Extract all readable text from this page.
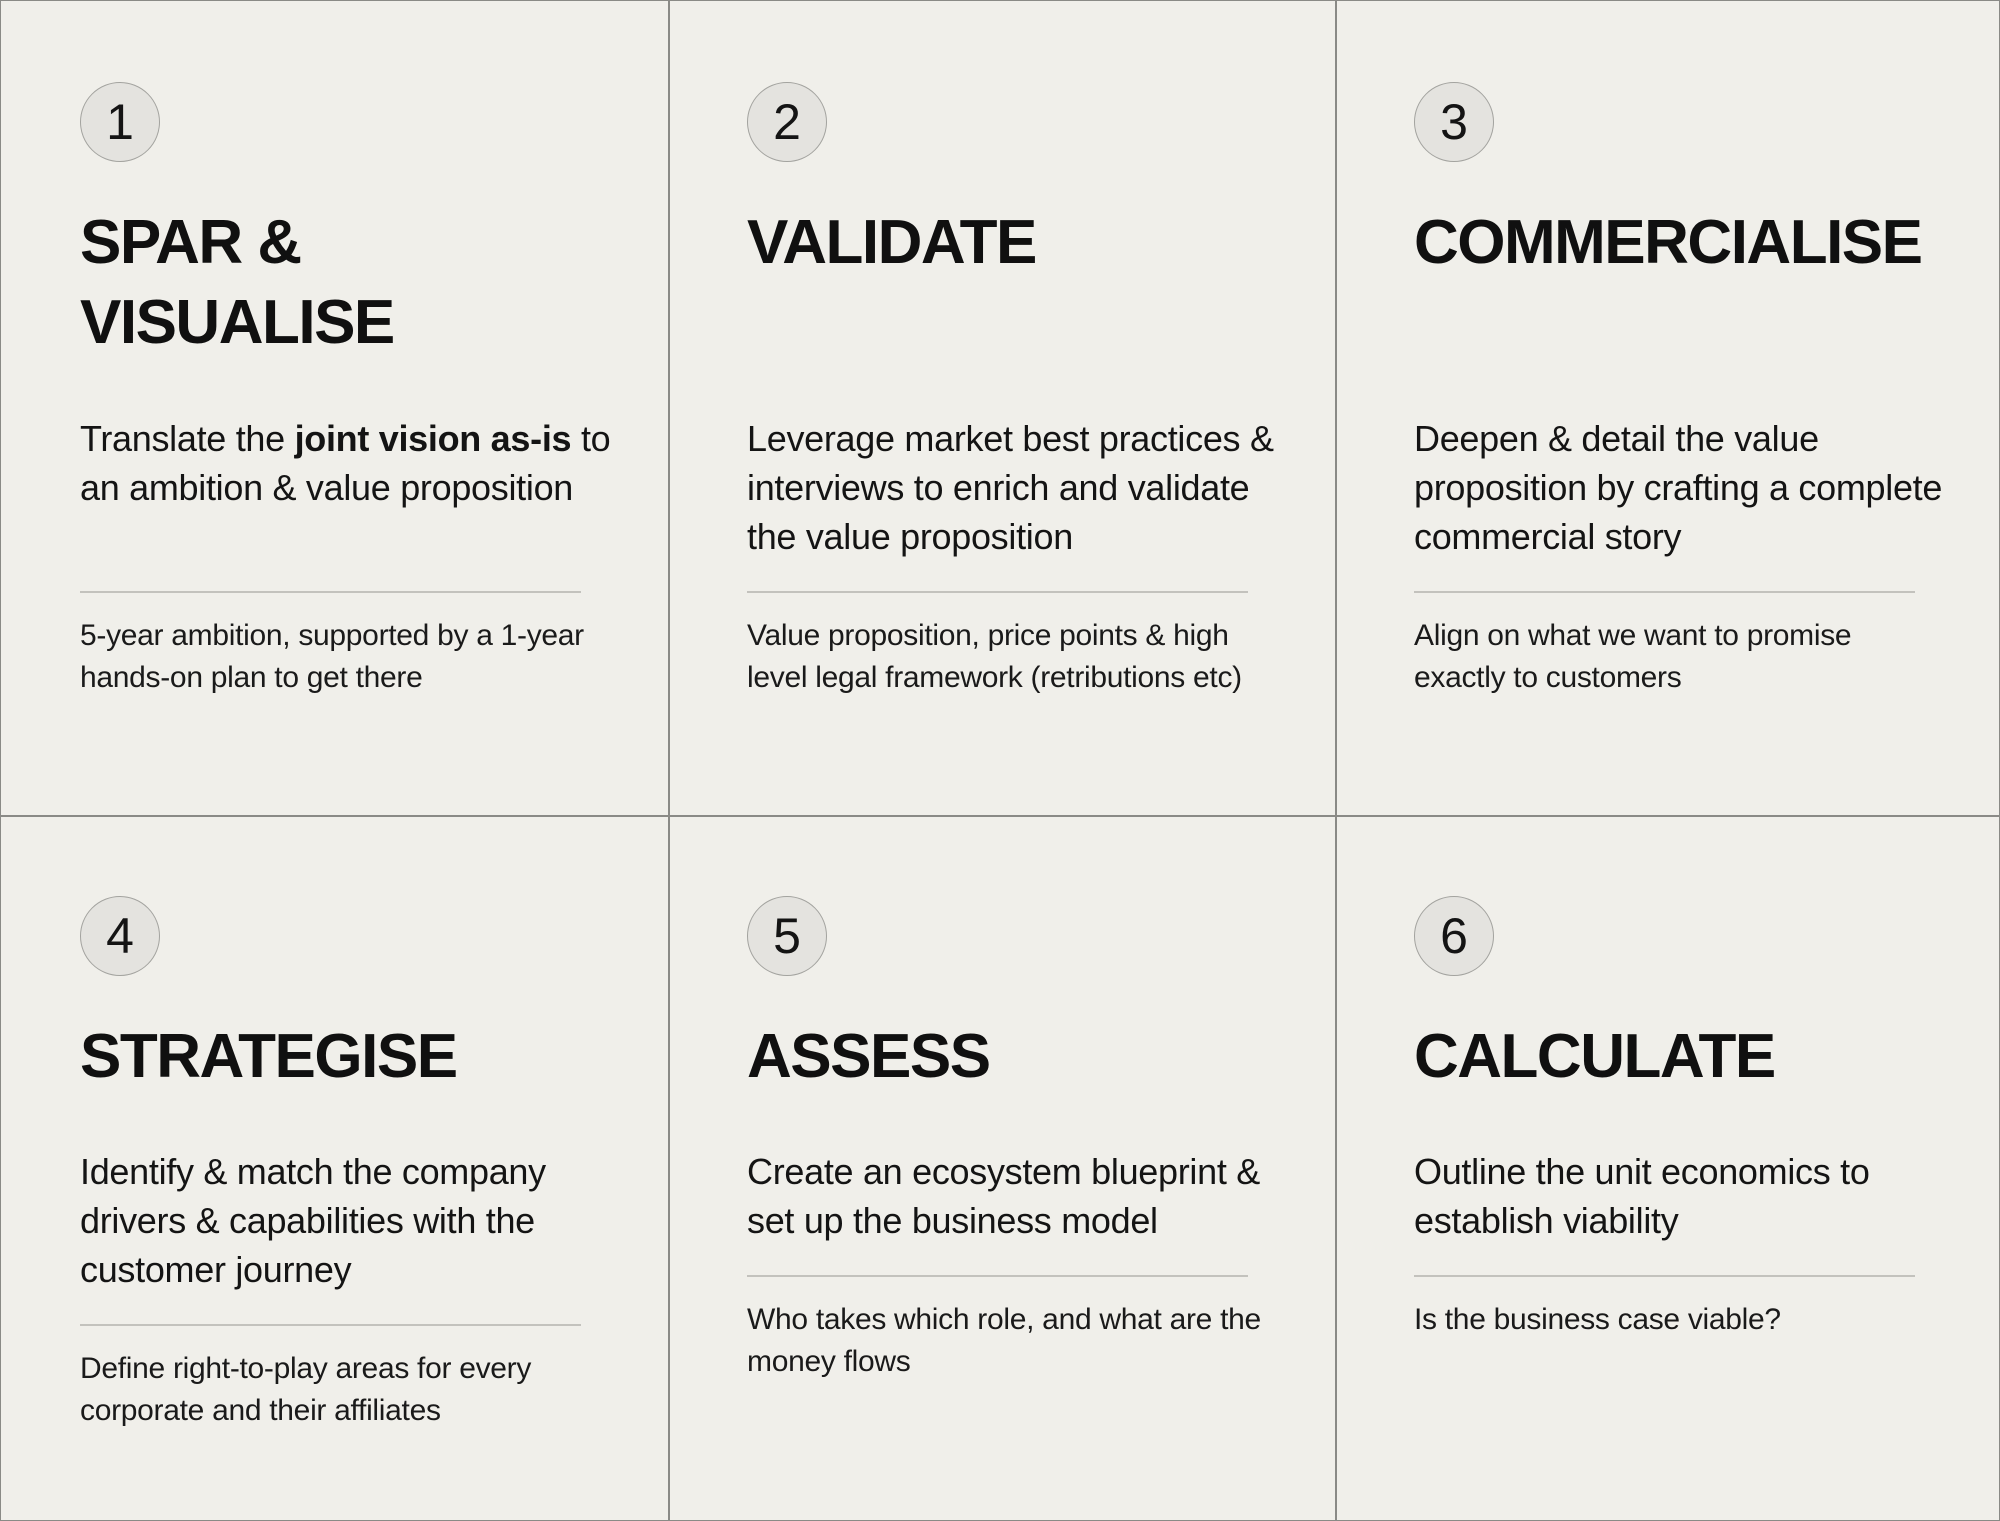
1
SPAR &
VISUALISE
Translate the joint vision as-is to an ambition & value proposition
5-year ambition, supported by a 1-year hands-on plan to get there
2
VALIDATE
Leverage market best practices & interviews to enrich and validate the value proposition
Value proposition, price points & high level legal framework (retributions etc)
3
COMMERCIALISE
Deepen & detail the value proposition by crafting a complete commercial story
Align on what we want to promise exactly to customers
4
STRATEGISE
Identify & match the company drivers & capabilities with the customer journey
Define right-to-play areas for every corporate and their affiliates
5
ASSESS
Create an ecosystem blueprint & set up the business model
Who takes which role, and what are the money flows
6
CALCULATE
Outline the unit economics to establish viability
Is the business case viable?
